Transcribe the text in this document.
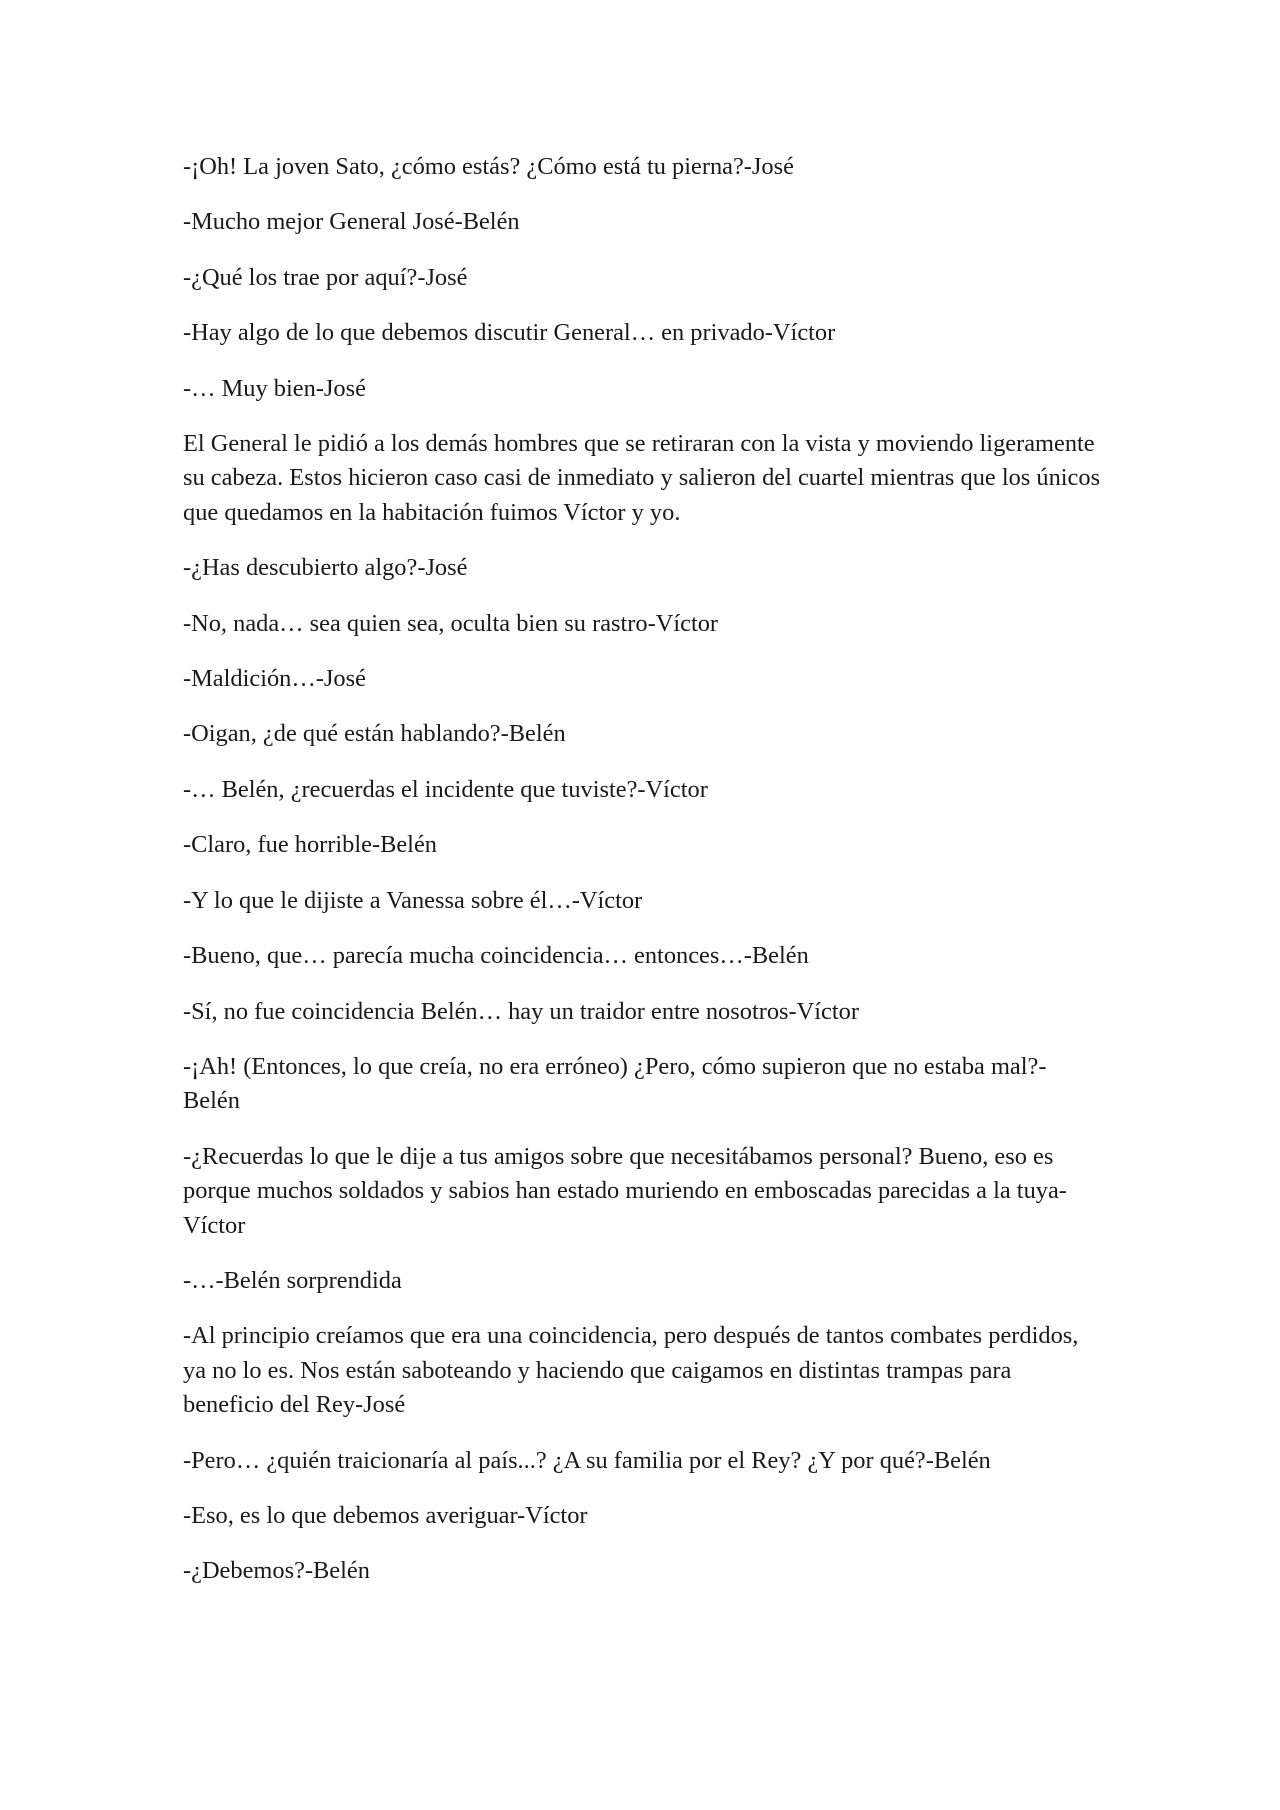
-¡Oh! La joven Sato, ¿cómo estás? ¿Cómo está tu pierna?-José

-Mucho mejor General José-Belén

-¿Qué los trae por aquí?-José

-Hay algo de lo que debemos discutir General… en privado-Víctor

-… Muy bien-José

El General le pidió a los demás hombres que se retiraran con la vista y moviendo ligeramente su cabeza. Estos hicieron caso casi de inmediato y salieron del cuartel mientras que los únicos que quedamos en la habitación fuimos Víctor y yo.

-¿Has descubierto algo?-José

-No, nada… sea quien sea, oculta bien su rastro-Víctor

-Maldición…-José

-Oigan, ¿de qué están hablando?-Belén

-… Belén, ¿recuerdas el incidente que tuviste?-Víctor

-Claro, fue horrible-Belén

-Y lo que le dijiste a Vanessa sobre él…-Víctor

-Bueno, que… parecía mucha coincidencia… entonces…-Belén

-Sí, no fue coincidencia Belén… hay un traidor entre nosotros-Víctor

-¡Ah! (Entonces, lo que creía, no era erróneo) ¿Pero, cómo supieron que no estaba mal?-Belén

-¿Recuerdas lo que le dije a tus amigos sobre que necesitábamos personal? Bueno, eso es porque muchos soldados y sabios han estado muriendo en emboscadas parecidas a la tuya-Víctor

-…-Belén sorprendida

-Al principio creíamos que era una coincidencia, pero después de tantos combates perdidos, ya no lo es. Nos están saboteando y haciendo que caigamos en distintas trampas para beneficio del Rey-José

-Pero… ¿quién traicionaría al país...? ¿A su familia por el Rey? ¿Y por qué?-Belén

-Eso, es lo que debemos averiguar-Víctor

-¿Debemos?-Belén
